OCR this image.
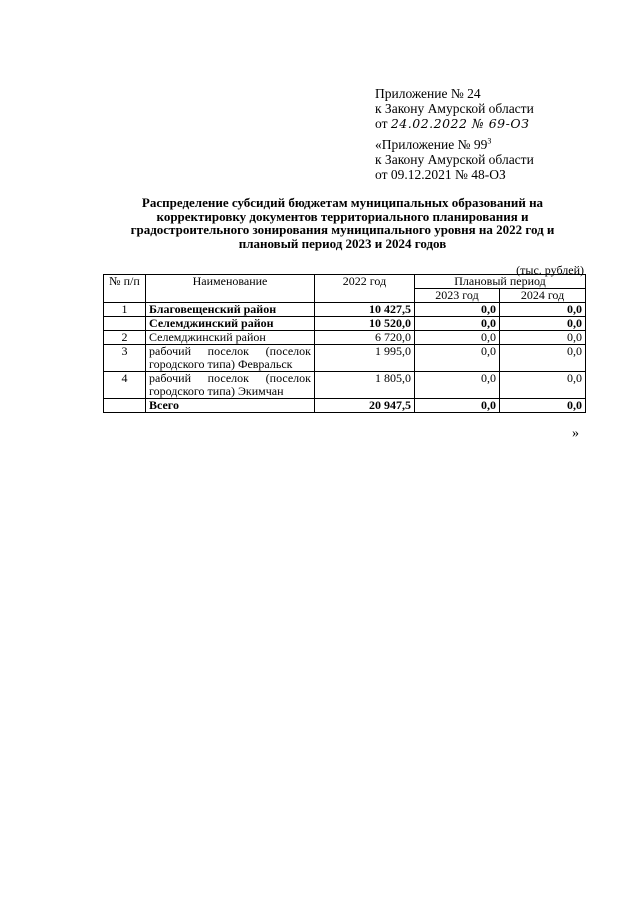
Приложение № 24
к Закону Амурской области
от 24.02.2022 № 69-ОЗ
«Приложение № $99^3$
к Закону Амурской области
от 09.12.2021 № 48-ОЗ
Распределение субсидий бюджетам муниципальных образований на корректировку документов территориального планирования и градостроительного зонирования муниципального уровня на 2022 год и плановый период 2023 и 2024 годов
(тыс. рублей)
№ п/п	Наименование	2022 год	Плановый период	
			2023 год	2024 год
1	Благовещенский район	10 427,5	0,0	0,0
	Селемджинский район	10 520,0	0,0	0,0
2	Селемджинский район	6 720,0	0,0	0,0
3	рабочий поселок (поселок
городского типа) Февральск	1 995,0	0,0	0,0
4	рабочий поселок (поселок
городского типа) Экимчан	1 805,0	0,0	0,0
	Всего	20 947,5	0,0	0,0
»
